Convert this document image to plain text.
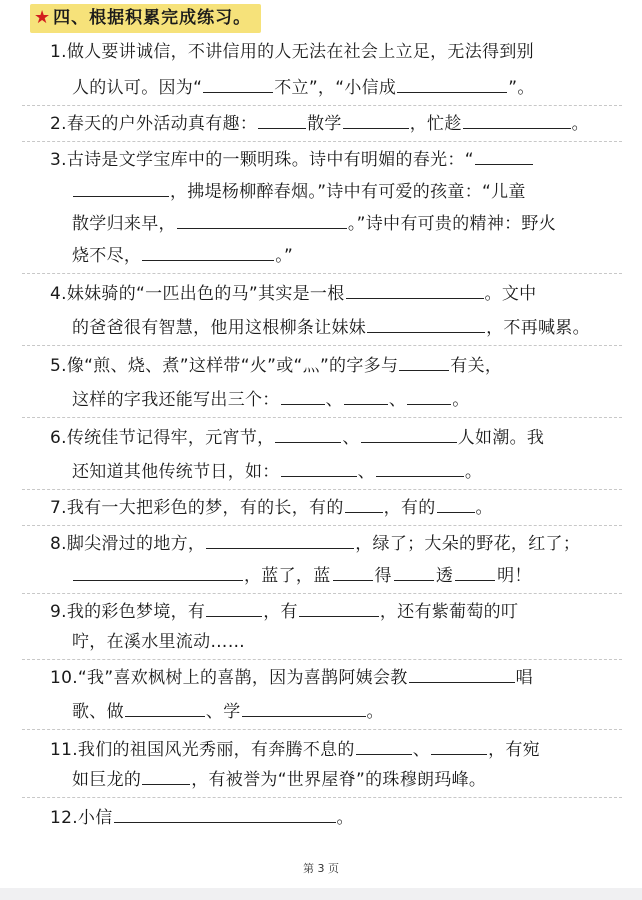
★ 四、根据积累完成练习。
1.做人要讲诚信，不讲信用的人无法在社会上立足，无法得到别
人的认可。因为“	不立”，“小信成	”。
2.春天的户外活动真有趣：	散学	，忙趁	。
3.古诗是文学宝库中的一颗明珠。诗中有明媚的春光：“
，拂堤杨柳醉春烟。”诗中有可爱的孩童：“儿童
散学归来早，	。”诗中有可贵的精神：野火
烧不尽，	。”
4.妹妹骑的“一匹出色的马”其实是一根	。文中
的爸爸很有智慧，他用这根柳条让妹妹	，不再喊累。
5.像“煎、烧、煮”这样带“火”或“灬”的字多与	有关，
这样的字我还能写出三个：	、	、	。
6.传统佳节记得牢，元宵节，	、	人如潮。我
还知道其他传统节日，如：	、	。
7.我有一大把彩色的梦，有的长，有的 ，有的 。
8.脚尖滑过的地方，	，绿了；大朵的野花，红了；
，蓝了，蓝	得	透	明！
9.我的彩色梦境，有	，有	，还有紫葡萄的叮
咛，在溪水里流动……
10.“我”喜欢枫树上的喜鹊，因为喜鹊阿姨会教	唱
歌、做	、学	。
11.我们的祖国风光秀丽，有奔腾不息的	、	，有宛
如巨龙的	，有被誉为“世界屋脊”的珠穆朗玛峰。
12.小信	。
第 3 页
